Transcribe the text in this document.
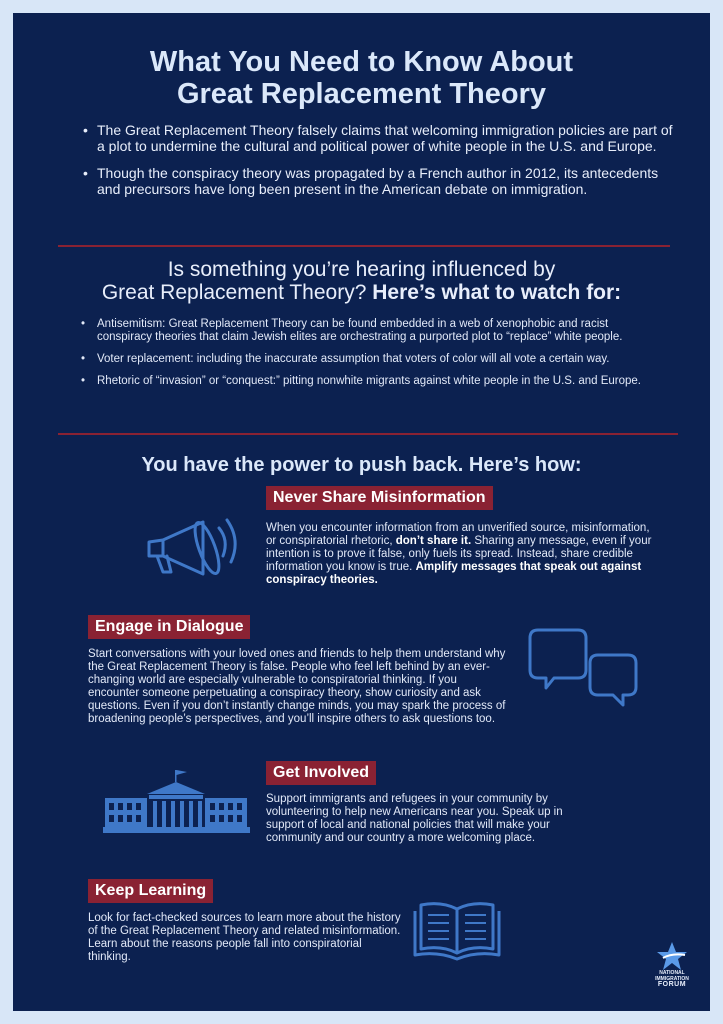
What You Need to Know About
Great Replacement Theory
• The Great Replacement Theory falsely claims that welcoming immigration policies are part of a plot to undermine the cultural and political power of white people in the U.S. and Europe.
• Though the conspiracy theory was propagated by a French author in 2012, its antecedents and precursors have long been present in the American debate on immigration.
Is something you’re hearing influenced by
Great Replacement Theory? Here’s what to watch for:
• Antisemitism: Great Replacement Theory can be found embedded in a web of xenophobic and racist conspiracy theories that claim Jewish elites are orchestrating a purported plot to “replace” white people.
• Voter replacement: including the inaccurate assumption that voters of color will all vote a certain way.
• Rhetoric of “invasion” or “conquest:” pitting nonwhite migrants against white people in the U.S. and Europe.
You have the power to push back. Here’s how:
Never Share Misinformation

When you encounter information from an unverified source, misinformation, or conspiratorial rhetoric, don’t share it. Sharing any message, even if your intention is to prove it false, only fuels its spread. Instead, share credible information you know is true. Amplify messages that speak out against conspiracy theories.

Engage in Dialogue

Start conversations with your loved ones and friends to help them understand why the Great Replacement Theory is false. People who feel left behind by an ever-changing world are especially vulnerable to conspiratorial thinking. If you encounter someone perpetuating a conspiracy theory, show curiosity and ask questions. Even if you don’t instantly change minds, you may spark the process of broadening people’s perspectives, and you’ll inspire others to ask questions too.

Get Involved

Support immigrants and refugees in your community by volunteering to help new Americans near you. Speak up in support of local and national policies that will make your community and our country a more welcoming place.

Keep Learning

Look for fact-checked sources to learn more about the history of the Great Replacement Theory and related misinformation. Learn about the reasons people fall into conspiratorial thinking.

NATIONAL
IMMIGRATION
FORUM
